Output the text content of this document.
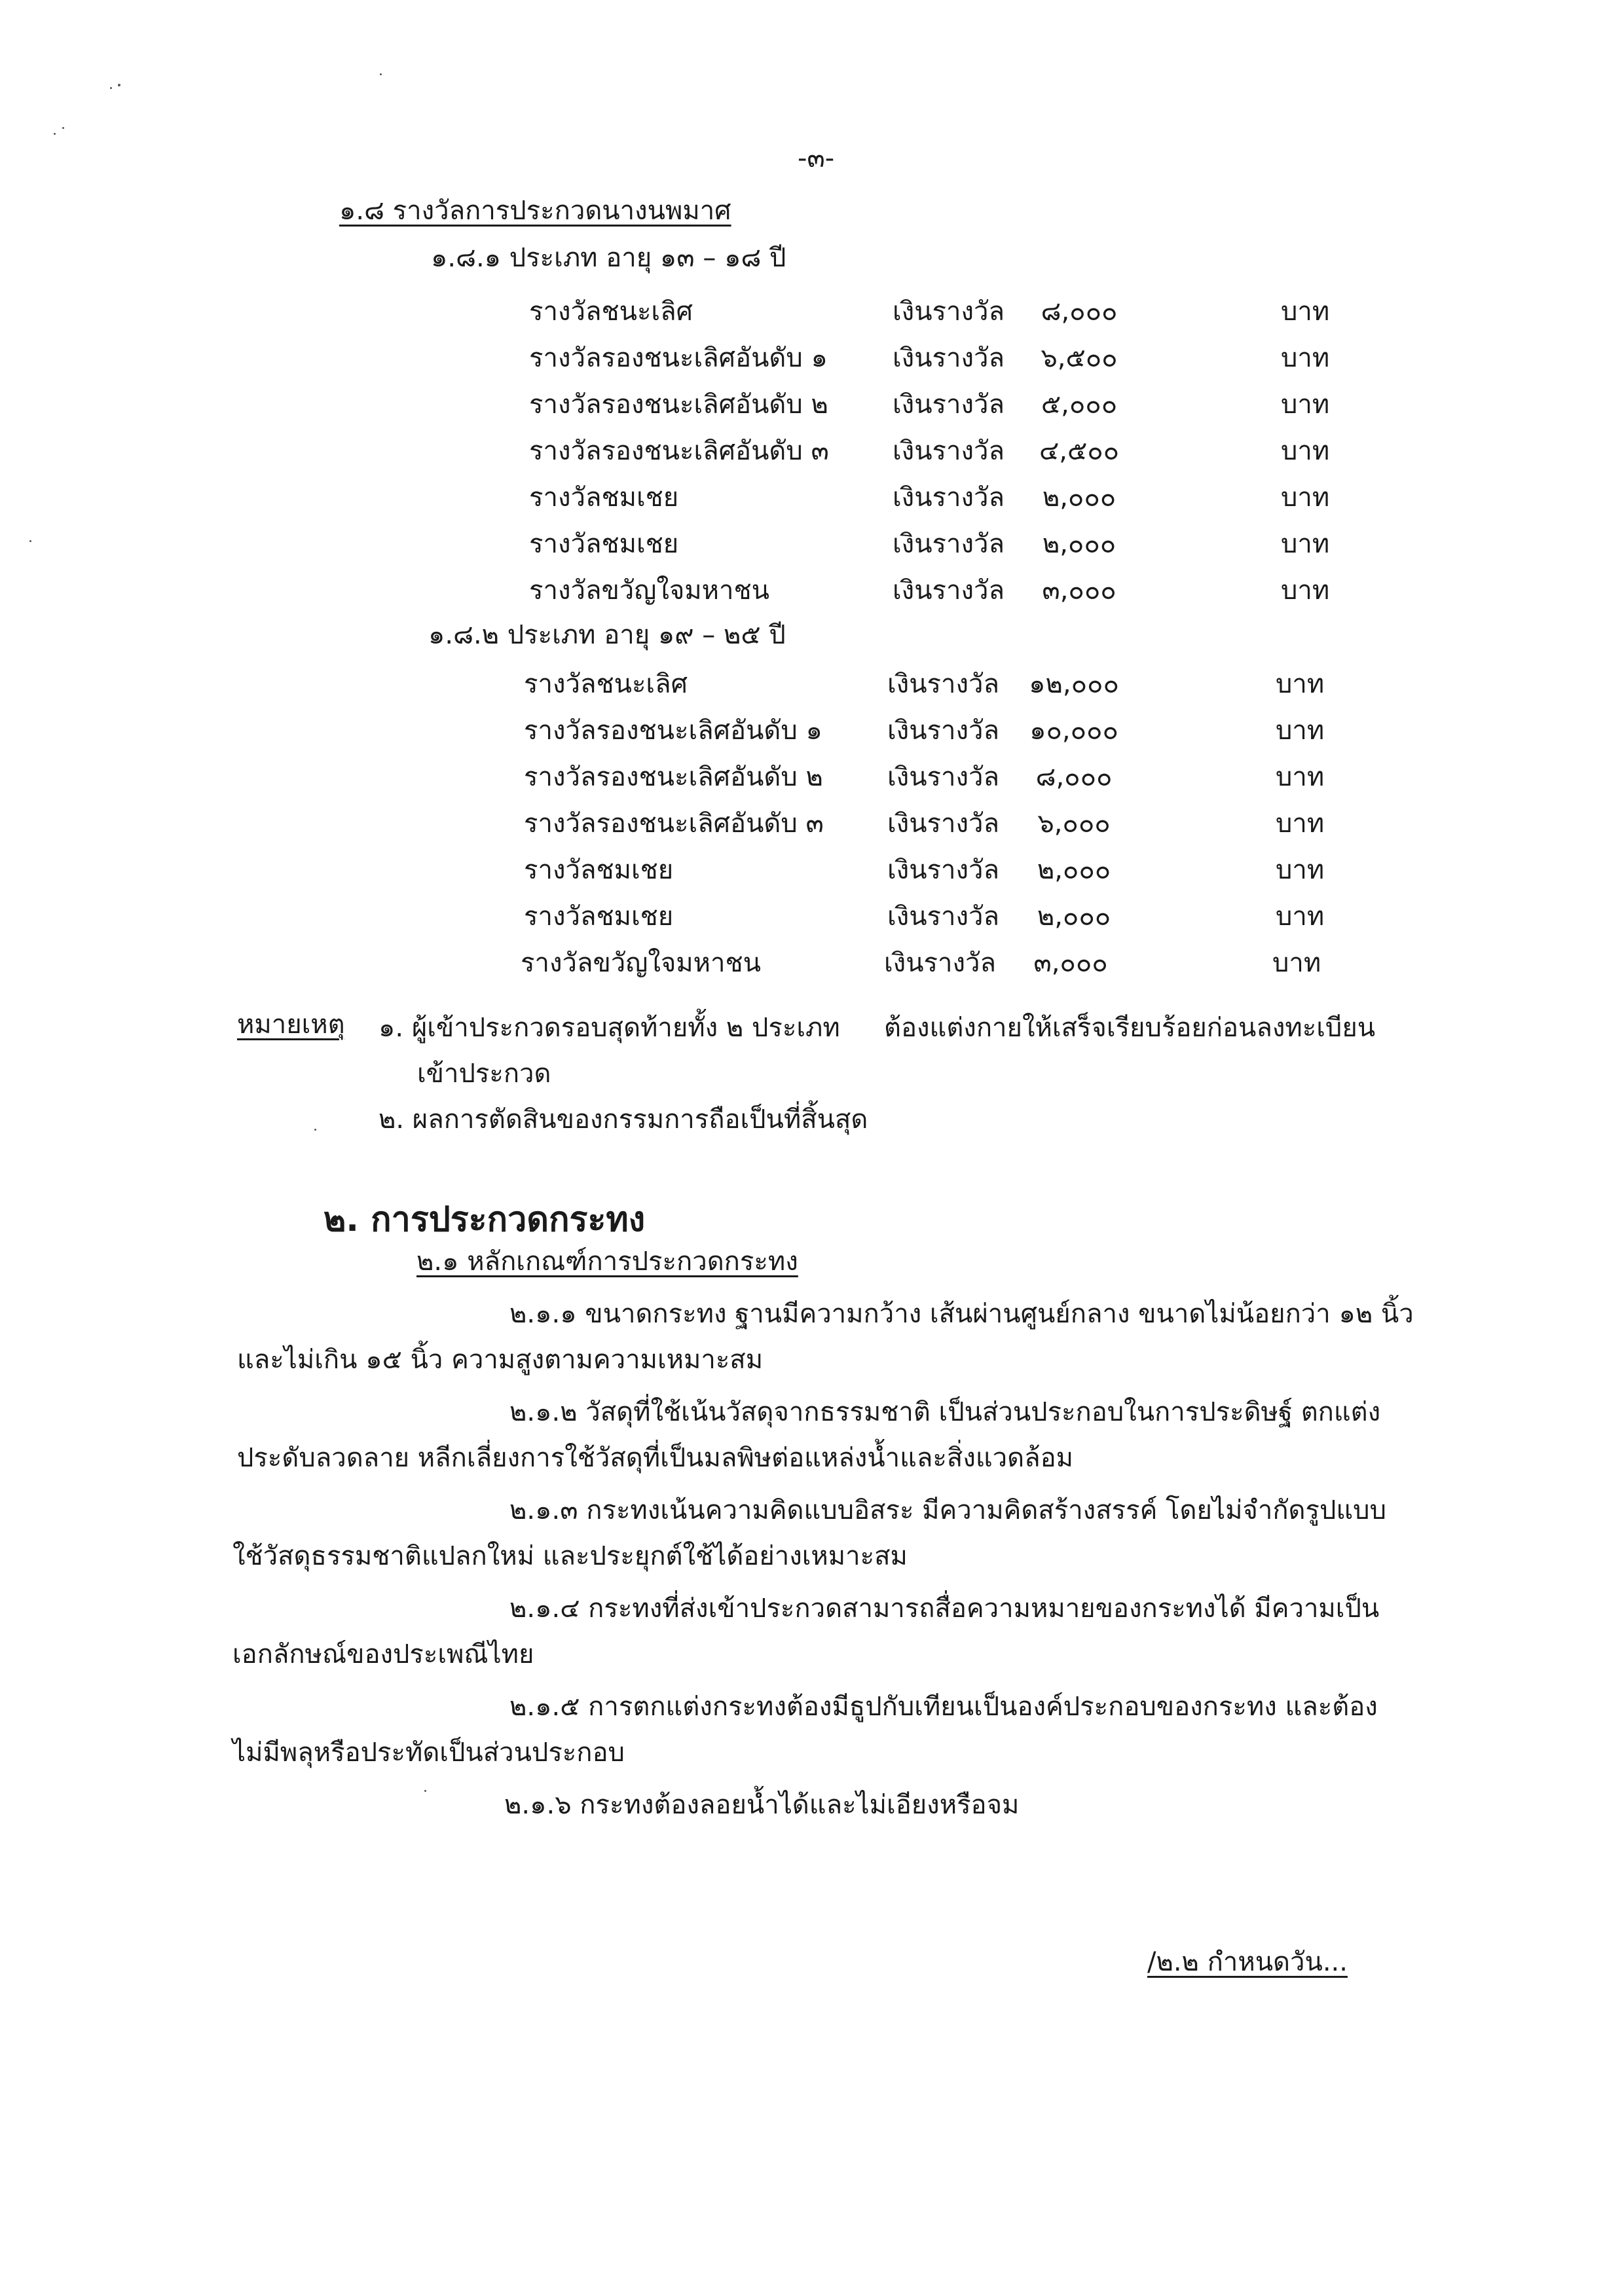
-๓-
๑.๘ รางวัลการประกวดนางนพมาศ
๑.๘.๑ ประเภท อายุ ๑๓ – ๑๘ ปี
รางวัลชนะเลิศ	เงินรางวัล	๘,๐๐๐	บาท
รางวัลรองชนะเลิศอันดับ ๑ เงินรางวัล	๖,๕๐๐	บาท
รางวัลรองชนะเลิศอันดับ ๒ เงินรางวัล	๕,๐๐๐	บาท
รางวัลรองชนะเลิศอันดับ ๓ เงินรางวัล	๔,๕๐๐	บาท
รางวัลชมเชย	เงินรางวัล	๒,๐๐๐	บาท
รางวัลชมเชย	เงินรางวัล	๒,๐๐๐	บาท
รางวัลขวัญใจมหาชน	เงินรางวัล	๓,๐๐๐	บาท
๑.๘.๒ ประเภท อายุ ๑๙ – ๒๕ ปี
รางวัลชนะเลิศ	เงินรางวัล	๑๒,๐๐๐	บาท
รางวัลรองชนะเลิศอันดับ ๑ เงินรางวัล	๑๐,๐๐๐	บาท
รางวัลรองชนะเลิศอันดับ ๒ เงินรางวัล	๘,๐๐๐	บาท
รางวัลรองชนะเลิศอันดับ ๓ เงินรางวัล	๖,๐๐๐	บาท
รางวัลชมเชย	เงินรางวัล	๒,๐๐๐	บาท
รางวัลชมเชย	เงินรางวัล	๒,๐๐๐	บาท
รางวัลขวัญใจมหาชน	เงินรางวัล	๓,๐๐๐	บาท
หมายเหตุ ๑. ผู้เข้าประกวดรอบสุดท้ายทั้ง ๒ ประเภท ต้องแต่งกายให้เสร็จเรียบร้อยก่อนลงทะเบียน
เข้าประกวด
๒. ผลการตัดสินของกรรมการถือเป็นที่สิ้นสุด
๒. การประกวดกระทง
๒.๑ หลักเกณฑ์การประกวดกระทง
๒.๑.๑ ขนาดกระทง ฐานมีความกว้าง เส้นผ่านศูนย์กลาง ขนาดไม่น้อยกว่า ๑๒ นิ้ว
และไม่เกิน ๑๕ นิ้ว ความสูงตามความเหมาะสม
๒.๑.๒ วัสดุที่ใช้เน้นวัสดุจากธรรมชาติ เป็นส่วนประกอบในการประดิษฐ์ ตกแต่ง
ประดับลวดลาย หลีกเลี่ยงการใช้วัสดุที่เป็นมลพิษต่อแหล่งน้ำและสิ่งแวดล้อม
๒.๑.๓ กระทงเน้นความคิดแบบอิสระ มีความคิดสร้างสรรค์ โดยไม่จำกัดรูปแบบ
ใช้วัสดุธรรมชาติแปลกใหม่ และประยุกต์ใช้ได้อย่างเหมาะสม
๒.๑.๔ กระทงที่ส่งเข้าประกวดสามารถสื่อความหมายของกระทงได้ มีความเป็น
เอกลักษณ์ของประเพณีไทย
๒.๑.๕ การตกแต่งกระทงต้องมีธูปกับเทียนเป็นองค์ประกอบของกระทง และต้อง
ไม่มีพลุหรือประทัดเป็นส่วนประกอบ
๒.๑.๖ กระทงต้องลอยน้ำได้และไม่เอียงหรือจม
/๒.๒ กำหนดวัน...
